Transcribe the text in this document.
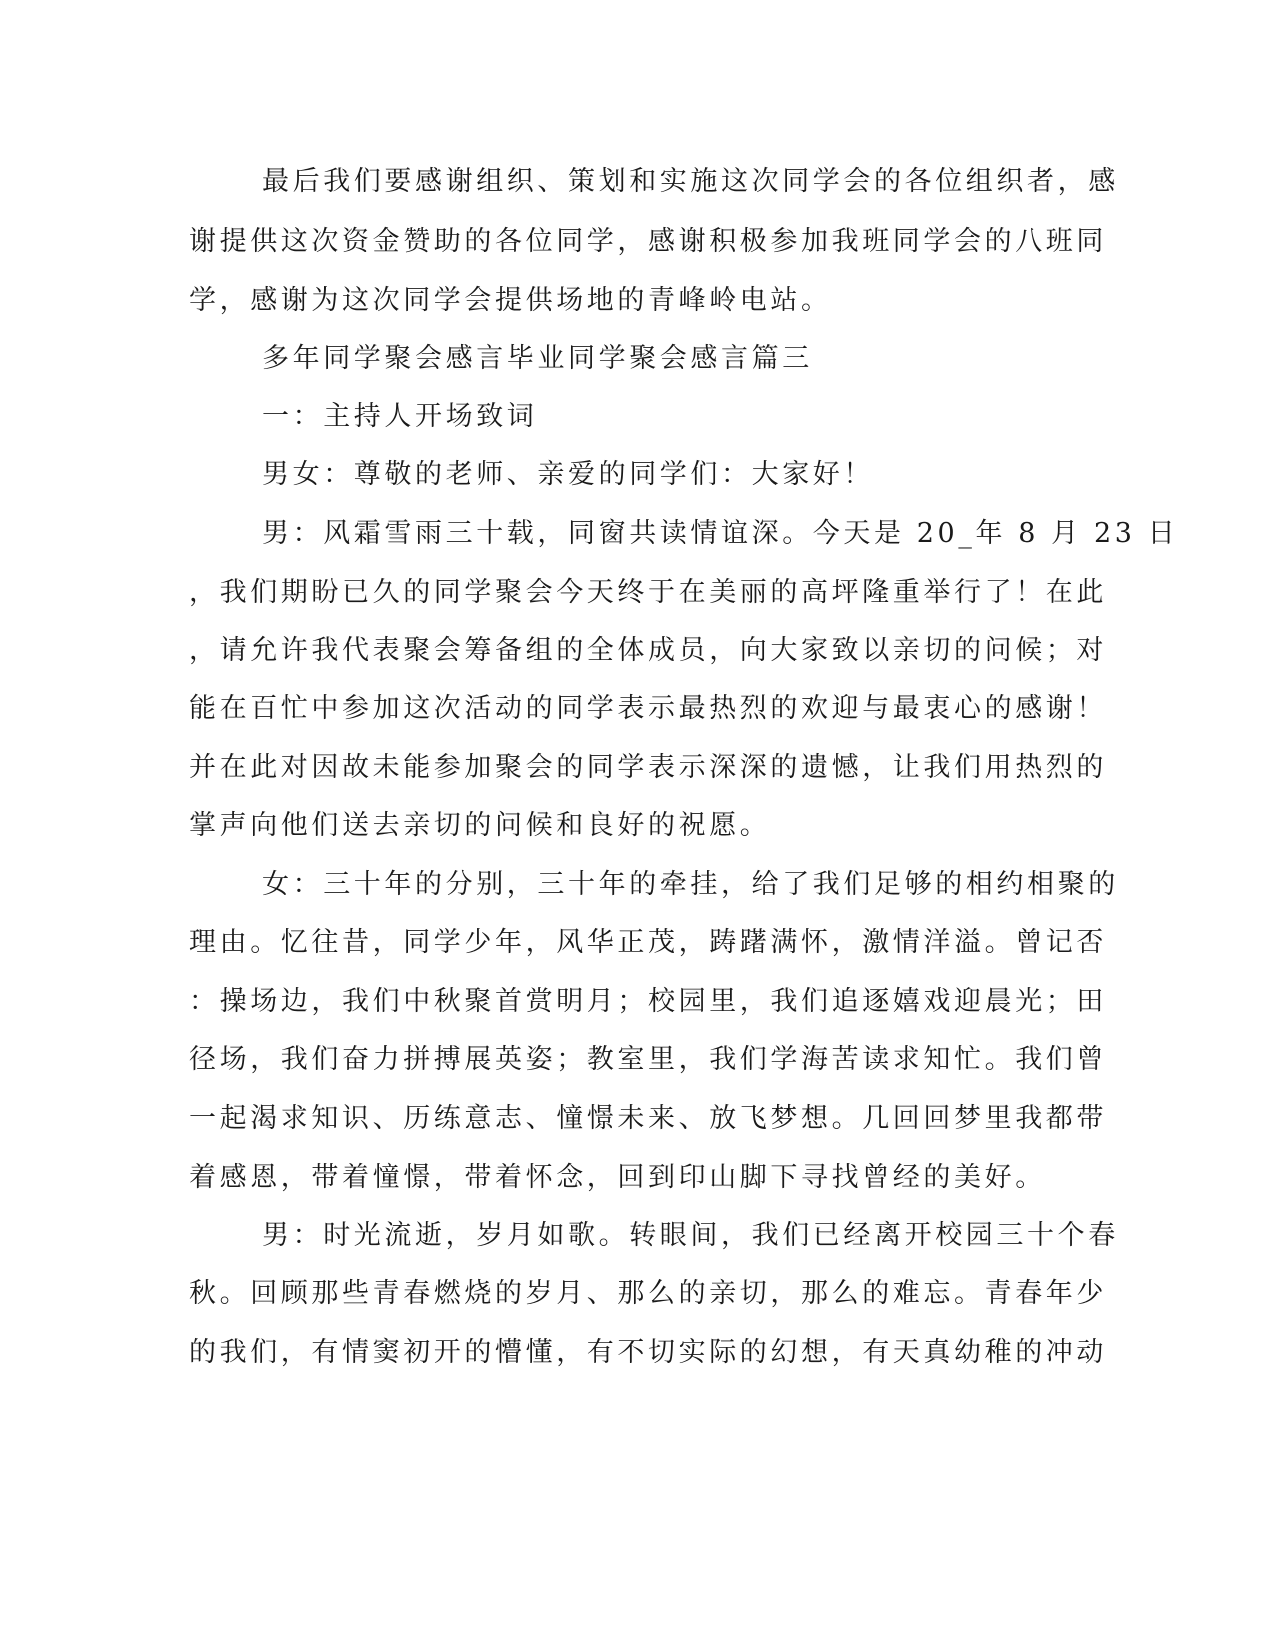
最后我们要感谢组织、策划和实施这次同学会的各位组织者，感

谢提供这次资金赞助的各位同学，感谢积极参加我班同学会的八班同

学，感谢为这次同学会提供场地的青峰岭电站。

多年同学聚会感言毕业同学聚会感言篇三

一：主持人开场致词

男女：尊敬的老师、亲爱的同学们：大家好！

男：风霜雪雨三十载，同窗共读情谊深。今天是 20_年 8 月 23 日

，我们期盼已久的同学聚会今天终于在美丽的高坪隆重举行了！在此

，请允许我代表聚会筹备组的全体成员，向大家致以亲切的问候；对

能在百忙中参加这次活动的同学表示最热烈的欢迎与最衷心的感谢！

并在此对因故未能参加聚会的同学表示深深的遗憾，让我们用热烈的

掌声向他们送去亲切的问候和良好的祝愿。

女：三十年的分别，三十年的牵挂，给了我们足够的相约相聚的

理由。忆往昔，同学少年，风华正茂，踌躇满怀，激情洋溢。曾记否

：操场边，我们中秋聚首赏明月；校园里，我们追逐嬉戏迎晨光；田

径场，我们奋力拼搏展英姿；教室里，我们学海苦读求知忙。我们曾

一起渴求知识、历练意志、憧憬未来、放飞梦想。几回回梦里我都带

着感恩，带着憧憬，带着怀念，回到印山脚下寻找曾经的美好。

男：时光流逝，岁月如歌。转眼间，我们已经离开校园三十个春

秋。回顾那些青春燃烧的岁月、那么的亲切，那么的难忘。青春年少

的我们，有情窦初开的懵懂，有不切实际的幻想，有天真幼稚的冲动
